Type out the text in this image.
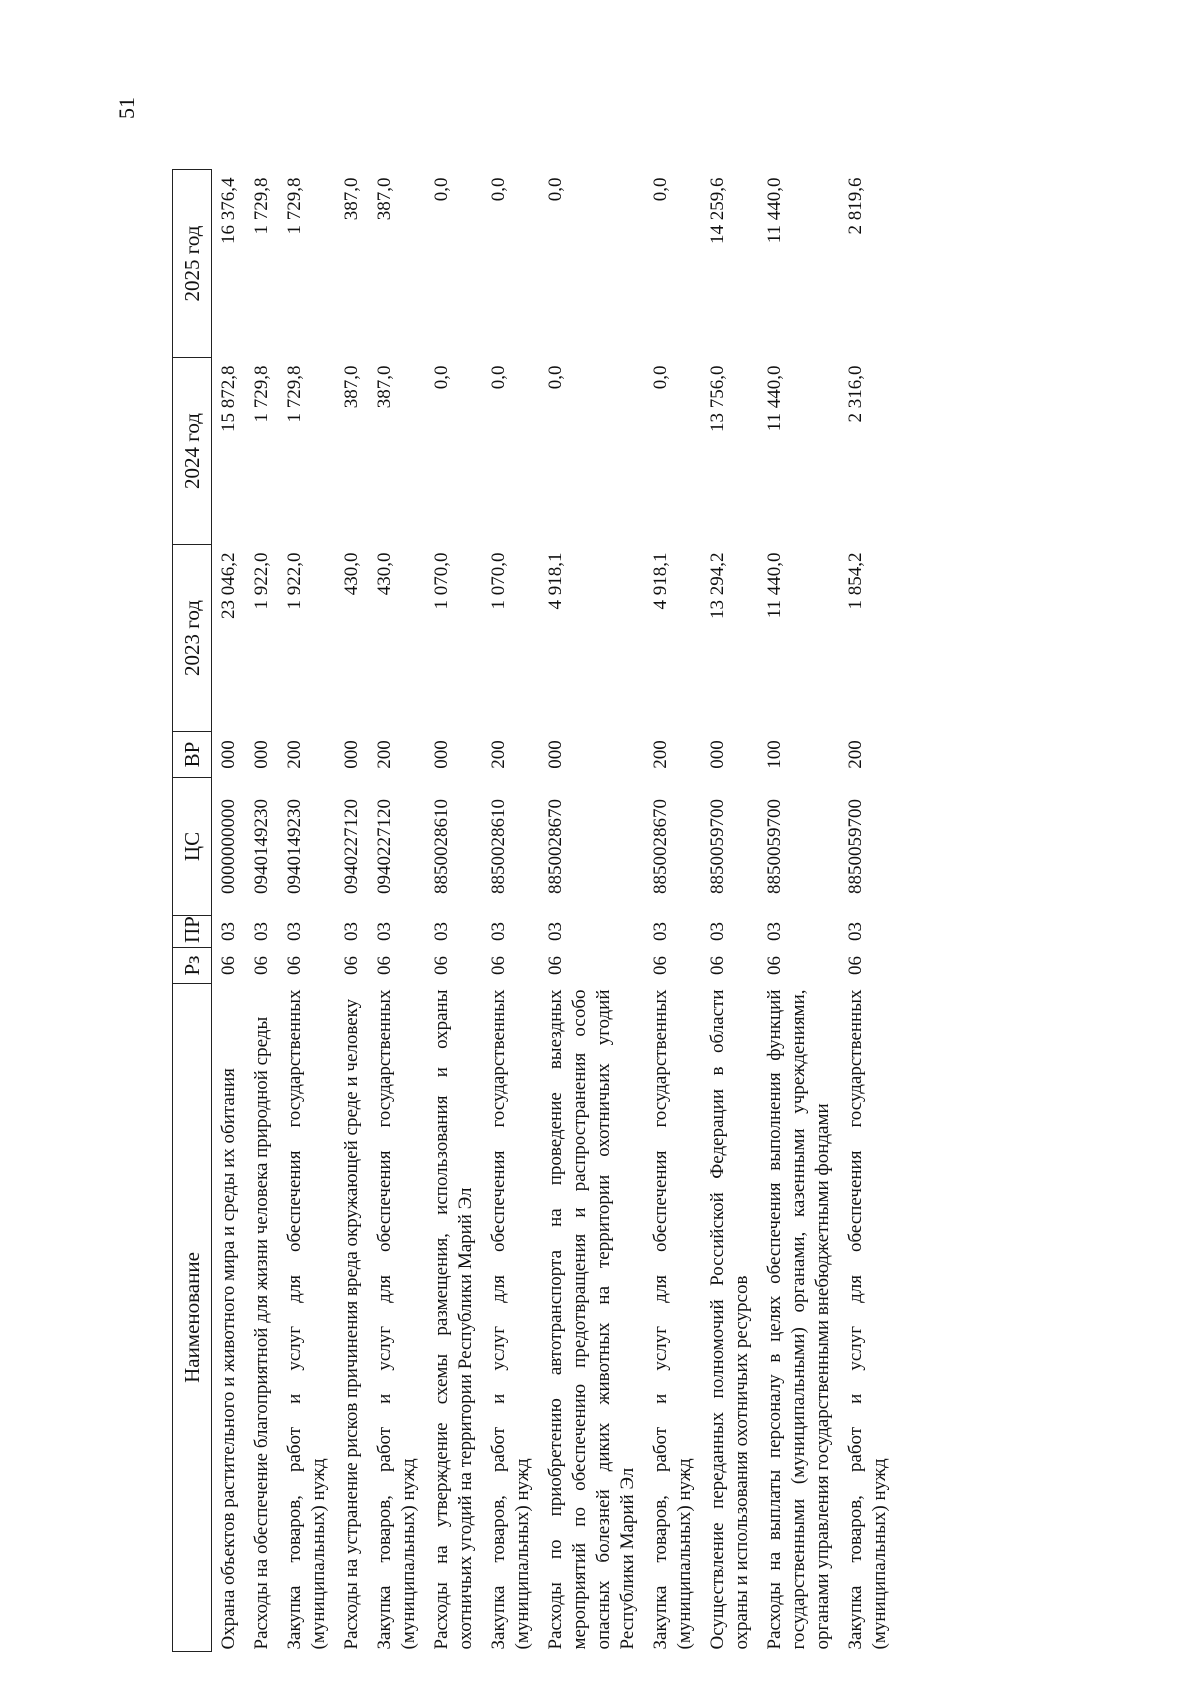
51
Наименование	Рз	ПР	ЦС	ВР	2023 год	2024 год	2025 год
Охрана объектов растительного и животного мира и среды их обитания	06	03	0000000000	000	23 046,2	15 872,8	16 376,4
Расходы на обеспечение благоприятной для жизни человека природной среды	06	03	0940149230	000	1 922,0	1 729,8	1 729,8
Закупка товаров, работ и услуг для обеспечения государственных (муниципальных) нужд	06	03	0940149230	200	1 922,0	1 729,8	1 729,8
Расходы на устранение рисков причинения вреда окружающей среде и человеку	06	03	0940227120	000	430,0	387,0	387,0
Закупка товаров, работ и услуг для обеспечения государственных (муниципальных) нужд	06	03	0940227120	200	430,0	387,0	387,0
Расходы на утверждение схемы размещения, использования и охраны охотничьих угодий на территории Республики Марий Эл	06	03	8850028610	000	1 070,0	0,0	0,0
Закупка товаров, работ и услуг для обеспечения государственных (муниципальных) нужд	06	03	8850028610	200	1 070,0	0,0	0,0
Расходы по приобретению автотранспорта на проведение выездных мероприятий по обеспечению предотвращения и распространения особо опасных болезней диких животных на территории охотничьих угодий Республики Марий Эл	06	03	8850028670	000	4 918,1	0,0	0,0
Закупка товаров, работ и услуг для обеспечения государственных (муниципальных) нужд	06	03	8850028670	200	4 918,1	0,0	0,0
Осуществление переданных полномочий Российской Федерации в области охраны и использования охотничьих ресурсов	06	03	8850059700	000	13 294,2	13 756,0	14 259,6
Расходы на выплаты персоналу в целях обеспечения выполнения функций государственными (муниципальными) органами, казенными учреждениями, органами управления государственными внебюджетными фондами	06	03	8850059700	100	11 440,0	11 440,0	11 440,0
Закупка товаров, работ и услуг для обеспечения государственных (муниципальных) нужд	06	03	8850059700	200	1 854,2	2 316,0	2 819,6
